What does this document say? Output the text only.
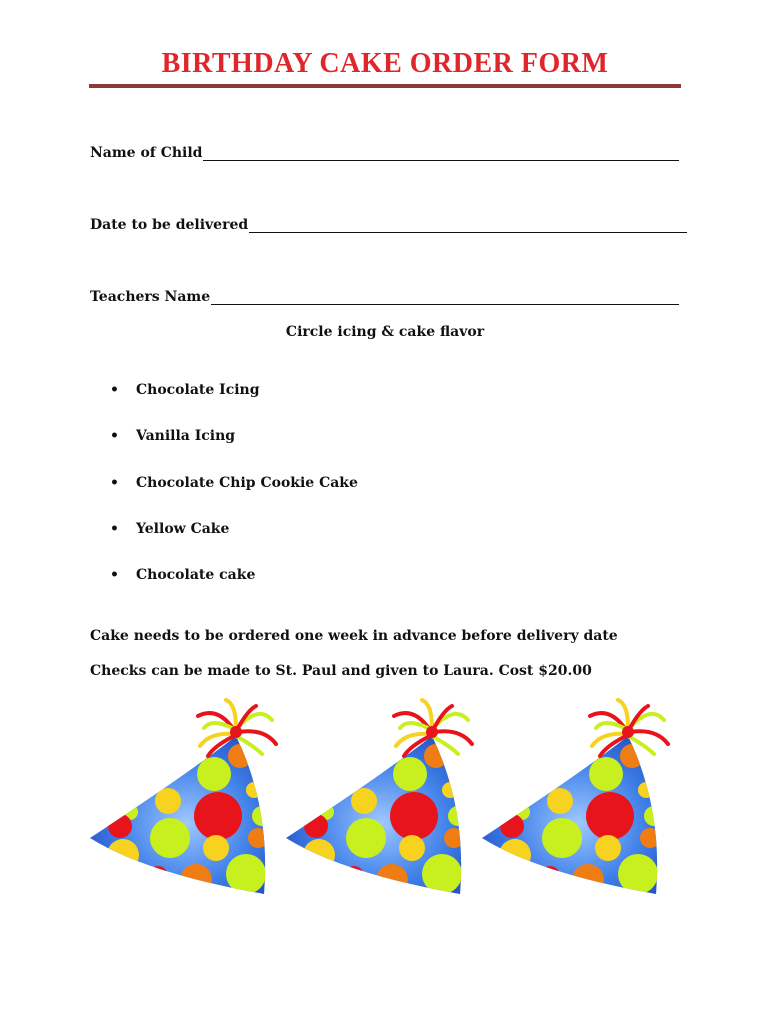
BIRTHDAY CAKE ORDER FORM
Name of Child
Date to be delivered
Teachers Name
Circle icing & cake flavor
•	Chocolate Icing
•	Vanilla Icing
•	Chocolate Chip Cookie Cake
•	Yellow Cake
•	Chocolate cake
Cake needs to be ordered one week in advance before delivery date
Checks can be made to St. Paul and given to Laura. Cost $20.00
